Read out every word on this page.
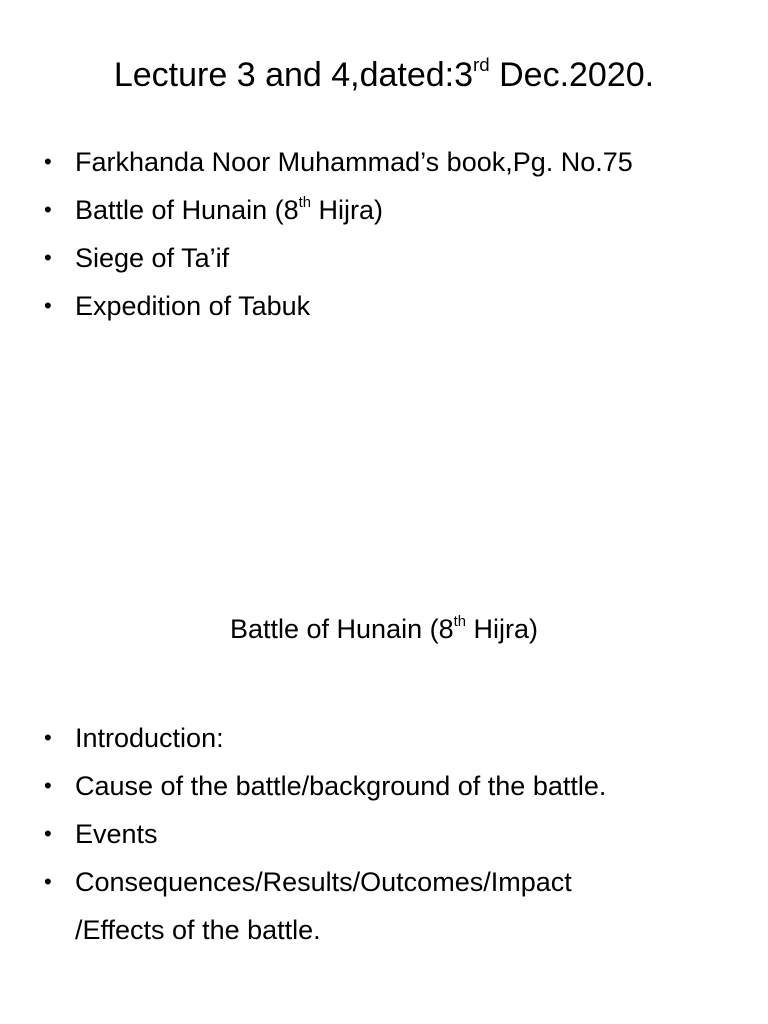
Lecture 3 and 4,dated:3rd Dec.2020.
• Farkhanda Noor Muhammad’s book,Pg. No.75
• Battle of Hunain (8th Hijra)
• Siege of Ta’if
• Expedition of Tabuk
Battle of Hunain (8th Hijra)
• Introduction:
• Cause of the battle/background of the battle.
• Events
• Consequences/Results/Outcomes/Impact
/Effects of the battle.
